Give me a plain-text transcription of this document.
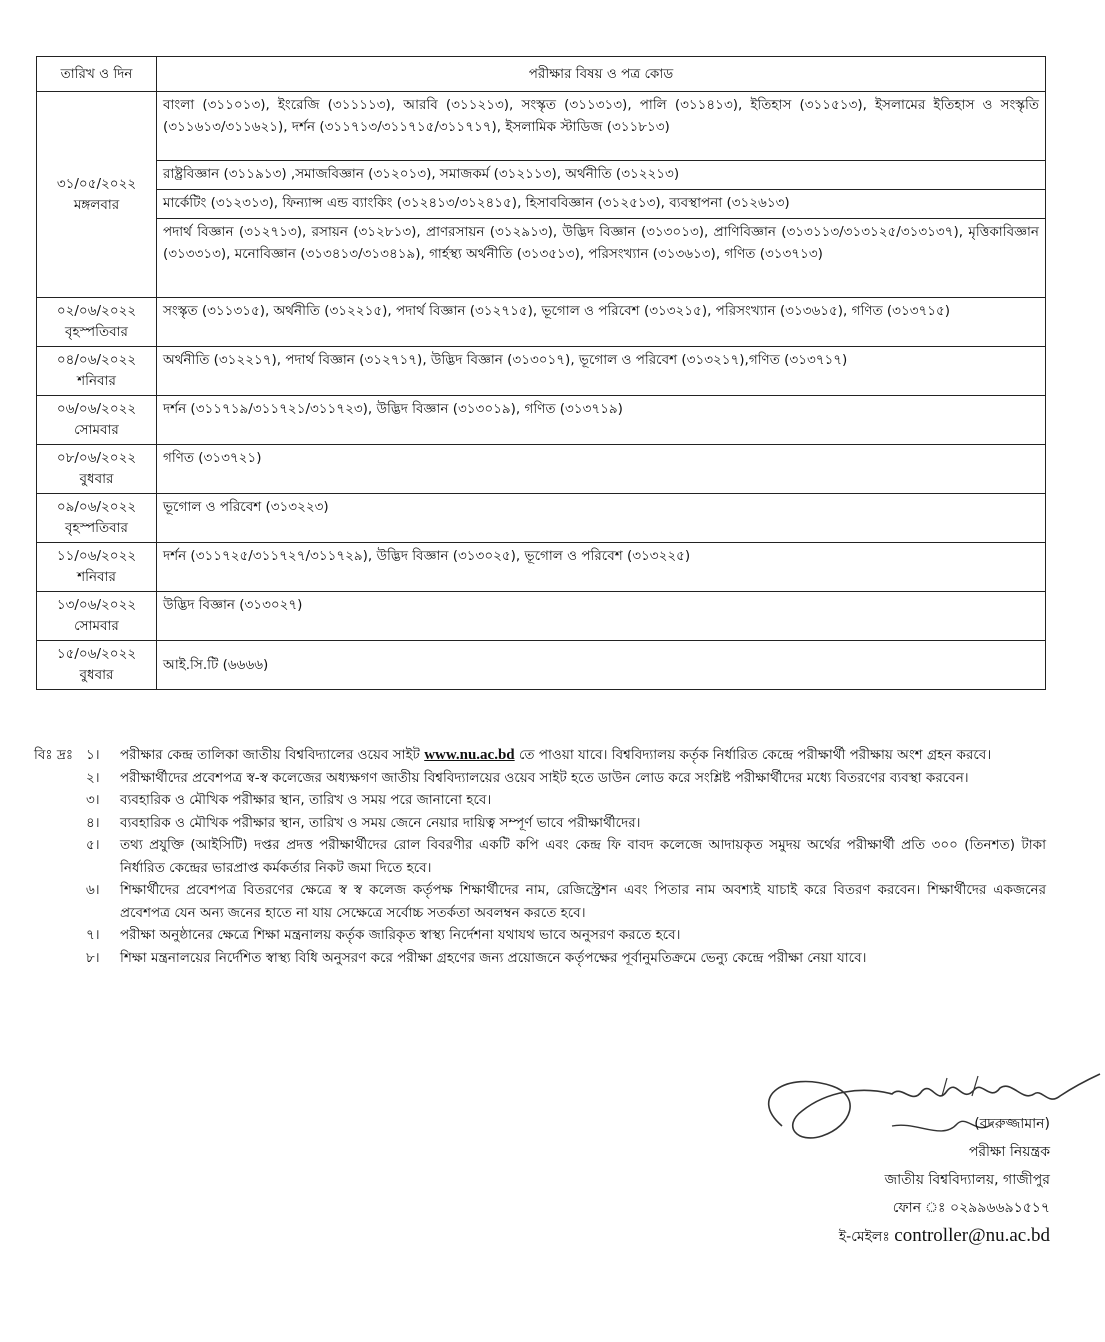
তারিখ ও দিন	পরীক্ষার বিষয় ও পত্র কোড

৩১/০৫/২০২২
মঙ্গলবার	বাংলা (৩১১০১৩), ইংরেজি (৩১১১১৩), আরবি (৩১১২১৩), সংস্কৃত (৩১১৩১৩), পালি (৩১১৪১৩), ইতিহাস (৩১১৫১৩), ইসলামের ইতিহাস ও সংস্কৃতি (৩১১৬১৩/৩১১৬২১), দর্শন (৩১১৭১৩/৩১১৭১৫/৩১১৭১৭), ইসলামিক স্টাডিজ (৩১১৮১৩)
	রাষ্ট্রবিজ্ঞান (৩১১৯১৩) ,সমাজবিজ্ঞান (৩১২০১৩), সমাজকর্ম (৩১২১১৩), অর্থনীতি (৩১২২১৩)
	মার্কেটিং (৩১২৩১৩), ফিন্যান্স এন্ড ব্যাংকিং (৩১২৪১৩/৩১২৪১৫), হিসাববিজ্ঞান (৩১২৫১৩), ব্যবস্থাপনা (৩১২৬১৩)
	পদার্থ বিজ্ঞান (৩১২৭১৩), রসায়ন (৩১২৮১৩), প্রাণরসায়ন (৩১২৯১৩), উদ্ভিদ বিজ্ঞান (৩১৩০১৩), প্রাণিবিজ্ঞান (৩১৩১১৩/৩১৩১২৫/৩১৩১৩৭), মৃত্তিকাবিজ্ঞান (৩১৩৩১৩), মনোবিজ্ঞান (৩১৩৪১৩/৩১৩৪১৯), গার্হস্থ্য অর্থনীতি (৩১৩৫১৩), পরিসংখ্যান (৩১৩৬১৩), গণিত (৩১৩৭১৩)

০২/০৬/২০২২
বৃহস্পতিবার	সংস্কৃত (৩১১৩১৫), অর্থনীতি (৩১২২১৫), পদার্থ বিজ্ঞান (৩১২৭১৫), ভূগোল ও পরিবেশ (৩১৩২১৫), পরিসংখ্যান (৩১৩৬১৫), গণিত (৩১৩৭১৫)

০৪/০৬/২০২২
শনিবার	অর্থনীতি (৩১২২১৭), পদার্থ বিজ্ঞান (৩১২৭১৭), উদ্ভিদ বিজ্ঞান (৩১৩০১৭), ভূগোল ও পরিবেশ (৩১৩২১৭),গণিত (৩১৩৭১৭)

০৬/০৬/২০২২
সোমবার	দর্শন (৩১১৭১৯/৩১১৭২১/৩১১৭২৩), উদ্ভিদ বিজ্ঞান (৩১৩০১৯), গণিত (৩১৩৭১৯)

০৮/০৬/২০২২
বুধবার	গণিত (৩১৩৭২১)

০৯/০৬/২০২২
বৃহস্পতিবার	ভূগোল ও পরিবেশ (৩১৩২২৩)

১১/০৬/২০২২
শনিবার	দর্শন (৩১১৭২৫/৩১১৭২৭/৩১১৭২৯), উদ্ভিদ বিজ্ঞান (৩১৩০২৫), ভূগোল ও পরিবেশ (৩১৩২২৫)

১৩/০৬/২০২২
সোমবার	উদ্ভিদ বিজ্ঞান (৩১৩০২৭)

১৫/০৬/২০২২
বুধবার	আই.সি.টি (৬৬৬৬)
বিঃ দ্রঃ ১।	পরীক্ষার কেন্দ্র তালিকা জাতীয় বিশ্ববিদ্যালের ওয়েব সাইট www.nu.ac.bd তে পাওয়া যাবে। বিশ্ববিদ্যালয় কর্তৃক নির্ধারিত কেন্দ্রে পরীক্ষার্থী পরীক্ষায় অংশ গ্রহন করবে।
২।	পরীক্ষার্থীদের প্রবেশপত্র স্ব-স্ব কলেজের অধ্যক্ষগণ জাতীয় বিশ্ববিদ্যালয়ের ওয়েব সাইট হতে ডাউন লোড করে সংশ্লিষ্ট পরীক্ষার্থীদের মধ্যে বিতরণের ব্যবস্থা করবেন।
৩।	ব্যবহারিক ও মৌখিক পরীক্ষার স্থান, তারিখ ও সময় পরে জানানো হবে।
৪।	ব্যবহারিক ও মৌখিক পরীক্ষার স্থান, তারিখ ও সময় জেনে নেয়ার দায়িত্ব সম্পূর্ণ ভাবে পরীক্ষার্থীদের।
৫।	তথ্য প্রযুক্তি (আইসিটি) দপ্তর প্রদত্ত পরীক্ষার্থীদের রোল বিবরণীর একটি কপি এবং কেন্দ্র ফি বাবদ কলেজে আদায়কৃত সমুদয় অর্থের পরীক্ষার্থী প্রতি ৩০০ (তিনশত) টাকা নির্ধারিত কেন্দ্রের ভারপ্রাপ্ত কর্মকর্তার নিকট জমা দিতে হবে।
৬।	শিক্ষার্থীদের প্রবেশপত্র বিতরণের ক্ষেত্রে স্ব স্ব কলেজ কর্তৃপক্ষ শিক্ষার্থীদের নাম, রেজিস্ট্রেশন এবং পিতার নাম অবশ্যই যাচাই করে বিতরণ করবেন। শিক্ষার্থীদের একজনের প্রবেশপত্র যেন অন্য জনের হাতে না যায় সেক্ষেত্রে সর্বোচ্চ সতর্কতা অবলম্বন করতে হবে।
৭।	পরীক্ষা অনুষ্ঠানের ক্ষেত্রে শিক্ষা মন্ত্রনালয় কর্তৃক জারিকৃত স্বাস্থ্য নির্দেশনা যথাযথ ভাবে অনুসরণ করতে হবে।
৮।	শিক্ষা মন্ত্রনালয়ের নির্দেশিত স্বাস্থ্য বিধি অনুসরণ করে পরীক্ষা গ্রহণের জন্য প্রয়োজনে কর্তৃপক্ষের পূর্বানুমতিক্রমে ভেন্যু কেন্দ্রে পরীক্ষা নেয়া যাবে।
(বদরুজ্জামান)
পরীক্ষা নিয়ন্ত্রক
জাতীয় বিশ্ববিদ্যালয়, গাজীপুর
ফোন ঃ ০২৯৯৬৬৯১৫১৭
ই-মেইলঃ controller@nu.ac.bd
